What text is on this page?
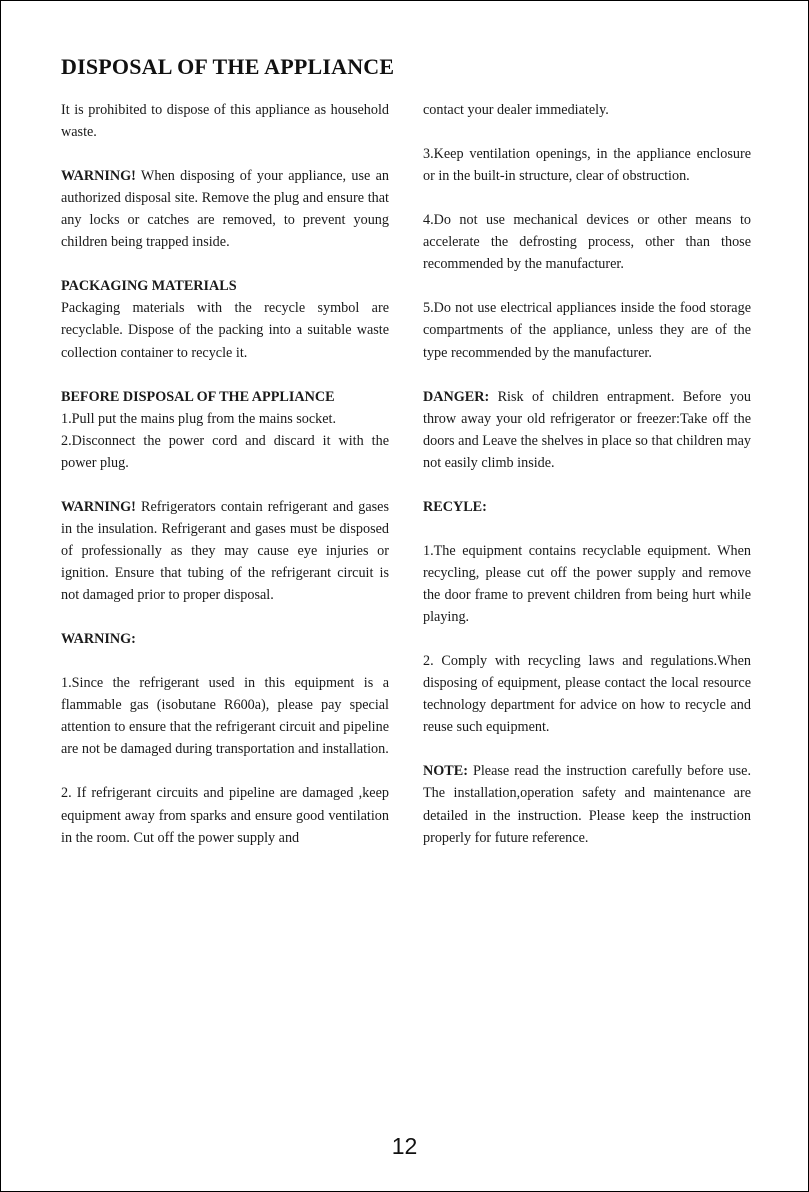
DISPOSAL OF THE APPLIANCE

It is prohibited to dispose of this appliance as household waste.

WARNING! When disposing of your appliance, use an authorized disposal site. Remove the plug and ensure that any locks or catches are removed, to prevent young children being trapped inside.

PACKAGING MATERIALS

Packaging materials with the recycle symbol are recyclable. Dispose of the packing into a suitable waste collection container to recycle it.

BEFORE DISPOSAL OF THE APPLIANCE

1.Pull put the mains plug from the mains socket.

2.Disconnect the power cord and discard it with the power plug.

WARNING! Refrigerators contain refrigerant and gases in the insulation. Refrigerant and gases must be disposed of professionally as they may cause eye injuries or ignition. Ensure that tubing of the refrigerant circuit is not damaged prior to proper disposal.

WARNING:

1.Since the refrigerant used in this equipment is a flammable gas (isobutane R600a), please pay special attention to ensure that the refrigerant circuit and pipeline are not be damaged during transportation and installation.

2. If refrigerant circuits and pipeline are damaged ,keep equipment away from sparks and ensure good ventilation in the room. Cut off the power supply and

contact your dealer immediately.

3.Keep ventilation openings, in the appliance enclosure or in the built-in structure, clear of obstruction.

4.Do not use mechanical devices or other means to accelerate the defrosting process, other than those recommended by the manufacturer.

5.Do not use electrical appliances inside the food storage compartments of the appliance, unless they are of the type recommended by the manufacturer.

DANGER: Risk of children entrapment. Before you throw away your old refrigerator or freezer:Take off the doors and Leave the shelves in place so that children may not easily climb inside.

RECYLE:

1.The equipment contains recyclable equipment. When recycling, please cut off the power supply and remove the door frame to prevent children from being hurt while playing.

2. Comply with recycling laws and regulations.When disposing of equipment, please contact the local resource technology department for advice on how to recycle and reuse such equipment.

NOTE: Please read the instruction carefully before use. The installation,operation safety and maintenance are detailed in the instruction. Please keep the instruction properly for future reference.

12
